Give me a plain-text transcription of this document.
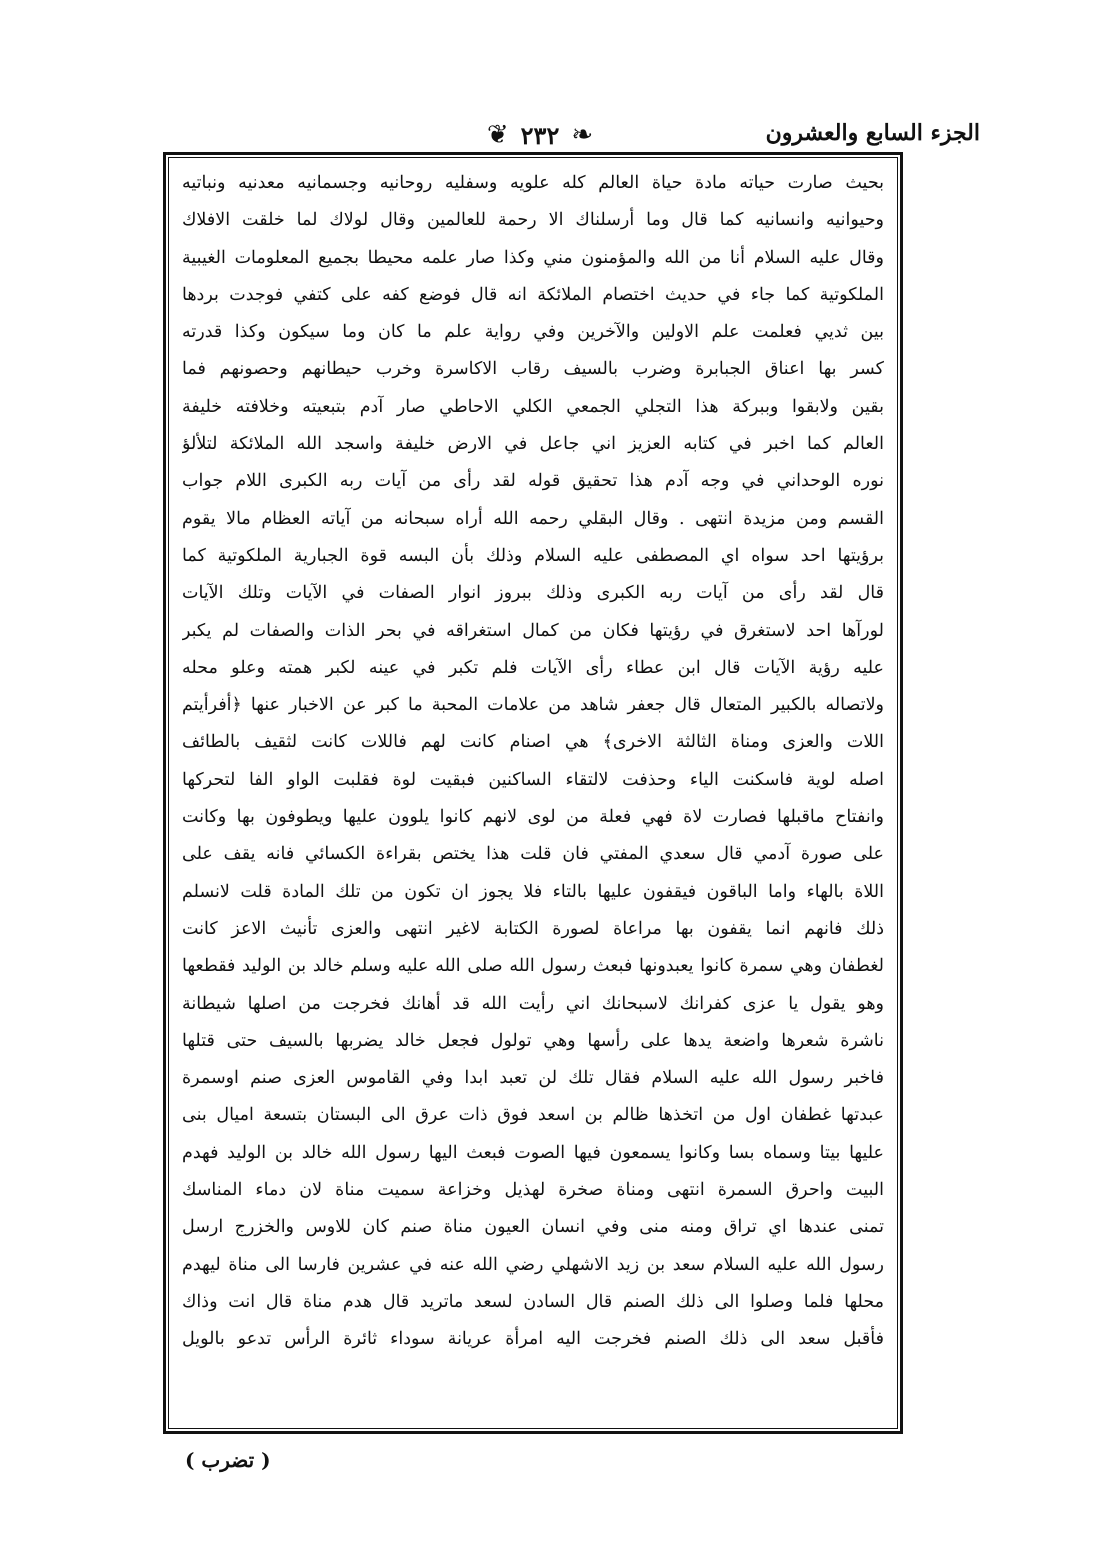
الجزء السابع والعشرون
❦ ٢٣٢ ❧
بحيث صارت حياته مادة حياة العالم كله علويه وسفليه روحانيه وجسمانيه معدنيه ونباتيه
وحيوانيه وانسانيه كما قال وما أرسلناك الا رحمة للعالمين وقال لولاك لما خلقت الافلاك
وقال عليه السلام أنا من الله والمؤمنون مني وكذا صار علمه محيطا بجميع المعلومات الغيبية
الملكوتية كما جاء في حديث اختصام الملائكة انه قال فوضع كفه على كتفي فوجدت بردها
بين ثديي فعلمت علم الاولين والآخرين وفي رواية علم ما كان وما سيكون وكذا قدرته
كسر بها اعناق الجبابرة وضرب بالسيف رقاب الاكاسرة وخرب حيطانهم وحصونهم فما
بقين ولابقوا وببركة هذا التجلي الجمعي الكلي الاحاطي صار آدم بتبعيته وخلافته خليفة
العالم كما اخبر في كتابه العزيز اني جاعل في الارض خليفة واسجد الله الملائكة لتلألؤ
نوره الوحداني في وجه آدم هذا تحقيق قوله لقد رأى من آيات ربه الكبرى اللام جواب
القسم ومن مزيدة انتهى . وقال البقلي رحمه الله أراه سبحانه من آياته العظام مالا يقوم
برؤيتها احد سواه اي المصطفى عليه السلام وذلك بأن البسه قوة الجبارية الملكوتية كما
قال لقد رأى من آيات ربه الكبرى وذلك ببروز انوار الصفات في الآيات وتلك الآيات
لورآها احد لاستغرق في رؤيتها فكان من كمال استغراقه في بحر الذات والصفات لم يكبر
عليه رؤية الآيات قال ابن عطاء رأى الآيات فلم تكبر في عينه لكبر همته وعلو محله
ولاتصاله بالكبير المتعال قال جعفر شاهد من علامات المحبة ما كبر عن الاخبار عنها ﴿أفرأيتم
اللات والعزى ومناة الثالثة الاخرى﴾ هي اصنام كانت لهم فاللات كانت لثقيف بالطائف
اصله لوية فاسكنت الياء وحذفت لالتقاء الساكنين فبقيت لوة فقلبت الواو الفا لتحركها
وانفتاح ماقبلها فصارت لاة فهي فعلة من لوى لانهم كانوا يلوون عليها ويطوفون بها وكانت
على صورة آدمي قال سعدي المفتي فان قلت هذا يختص بقراءة الكسائي فانه يقف على
اللاة بالهاء واما الباقون فيقفون عليها بالتاء فلا يجوز ان تكون من تلك المادة قلت لانسلم
ذلك فانهم انما يقفون بها مراعاة لصورة الكتابة لاغير انتهى والعزى تأنيث الاعز كانت
لغطفان وهي سمرة كانوا يعبدونها فبعث رسول الله صلى الله عليه وسلم خالد بن الوليد فقطعها
وهو يقول يا عزى كفرانك لاسبحانك اني رأيت الله قد أهانك فخرجت من اصلها شيطانة
ناشرة شعرها واضعة يدها على رأسها وهي تولول فجعل خالد يضربها بالسيف حتى قتلها
فاخبر رسول الله عليه السلام فقال تلك لن تعبد ابدا وفي القاموس العزى صنم اوسمرة
عبدتها غطفان اول من اتخذها ظالم بن اسعد فوق ذات عرق الى البستان بتسعة اميال بنى
عليها بيتا وسماه بسا وكانوا يسمعون فيها الصوت فبعث اليها رسول الله خالد بن الوليد فهدم
البيت واحرق السمرة انتهى ومناة صخرة لهذيل وخزاعة سميت مناة لان دماء المناسك
تمنى عندها اي تراق ومنه منى وفي انسان العيون مناة صنم كان للاوس والخزرج ارسل
رسول الله عليه السلام سعد بن زيد الاشهلي رضي الله عنه في عشرين فارسا الى مناة ليهدم
محلها فلما وصلوا الى ذلك الصنم قال السادن لسعد ماتريد قال هدم مناة قال انت وذاك
فأقبل سعد الى ذلك الصنم فخرجت اليه امرأة عريانة سوداء ثائرة الرأس تدعو بالويل
( تضرب )
